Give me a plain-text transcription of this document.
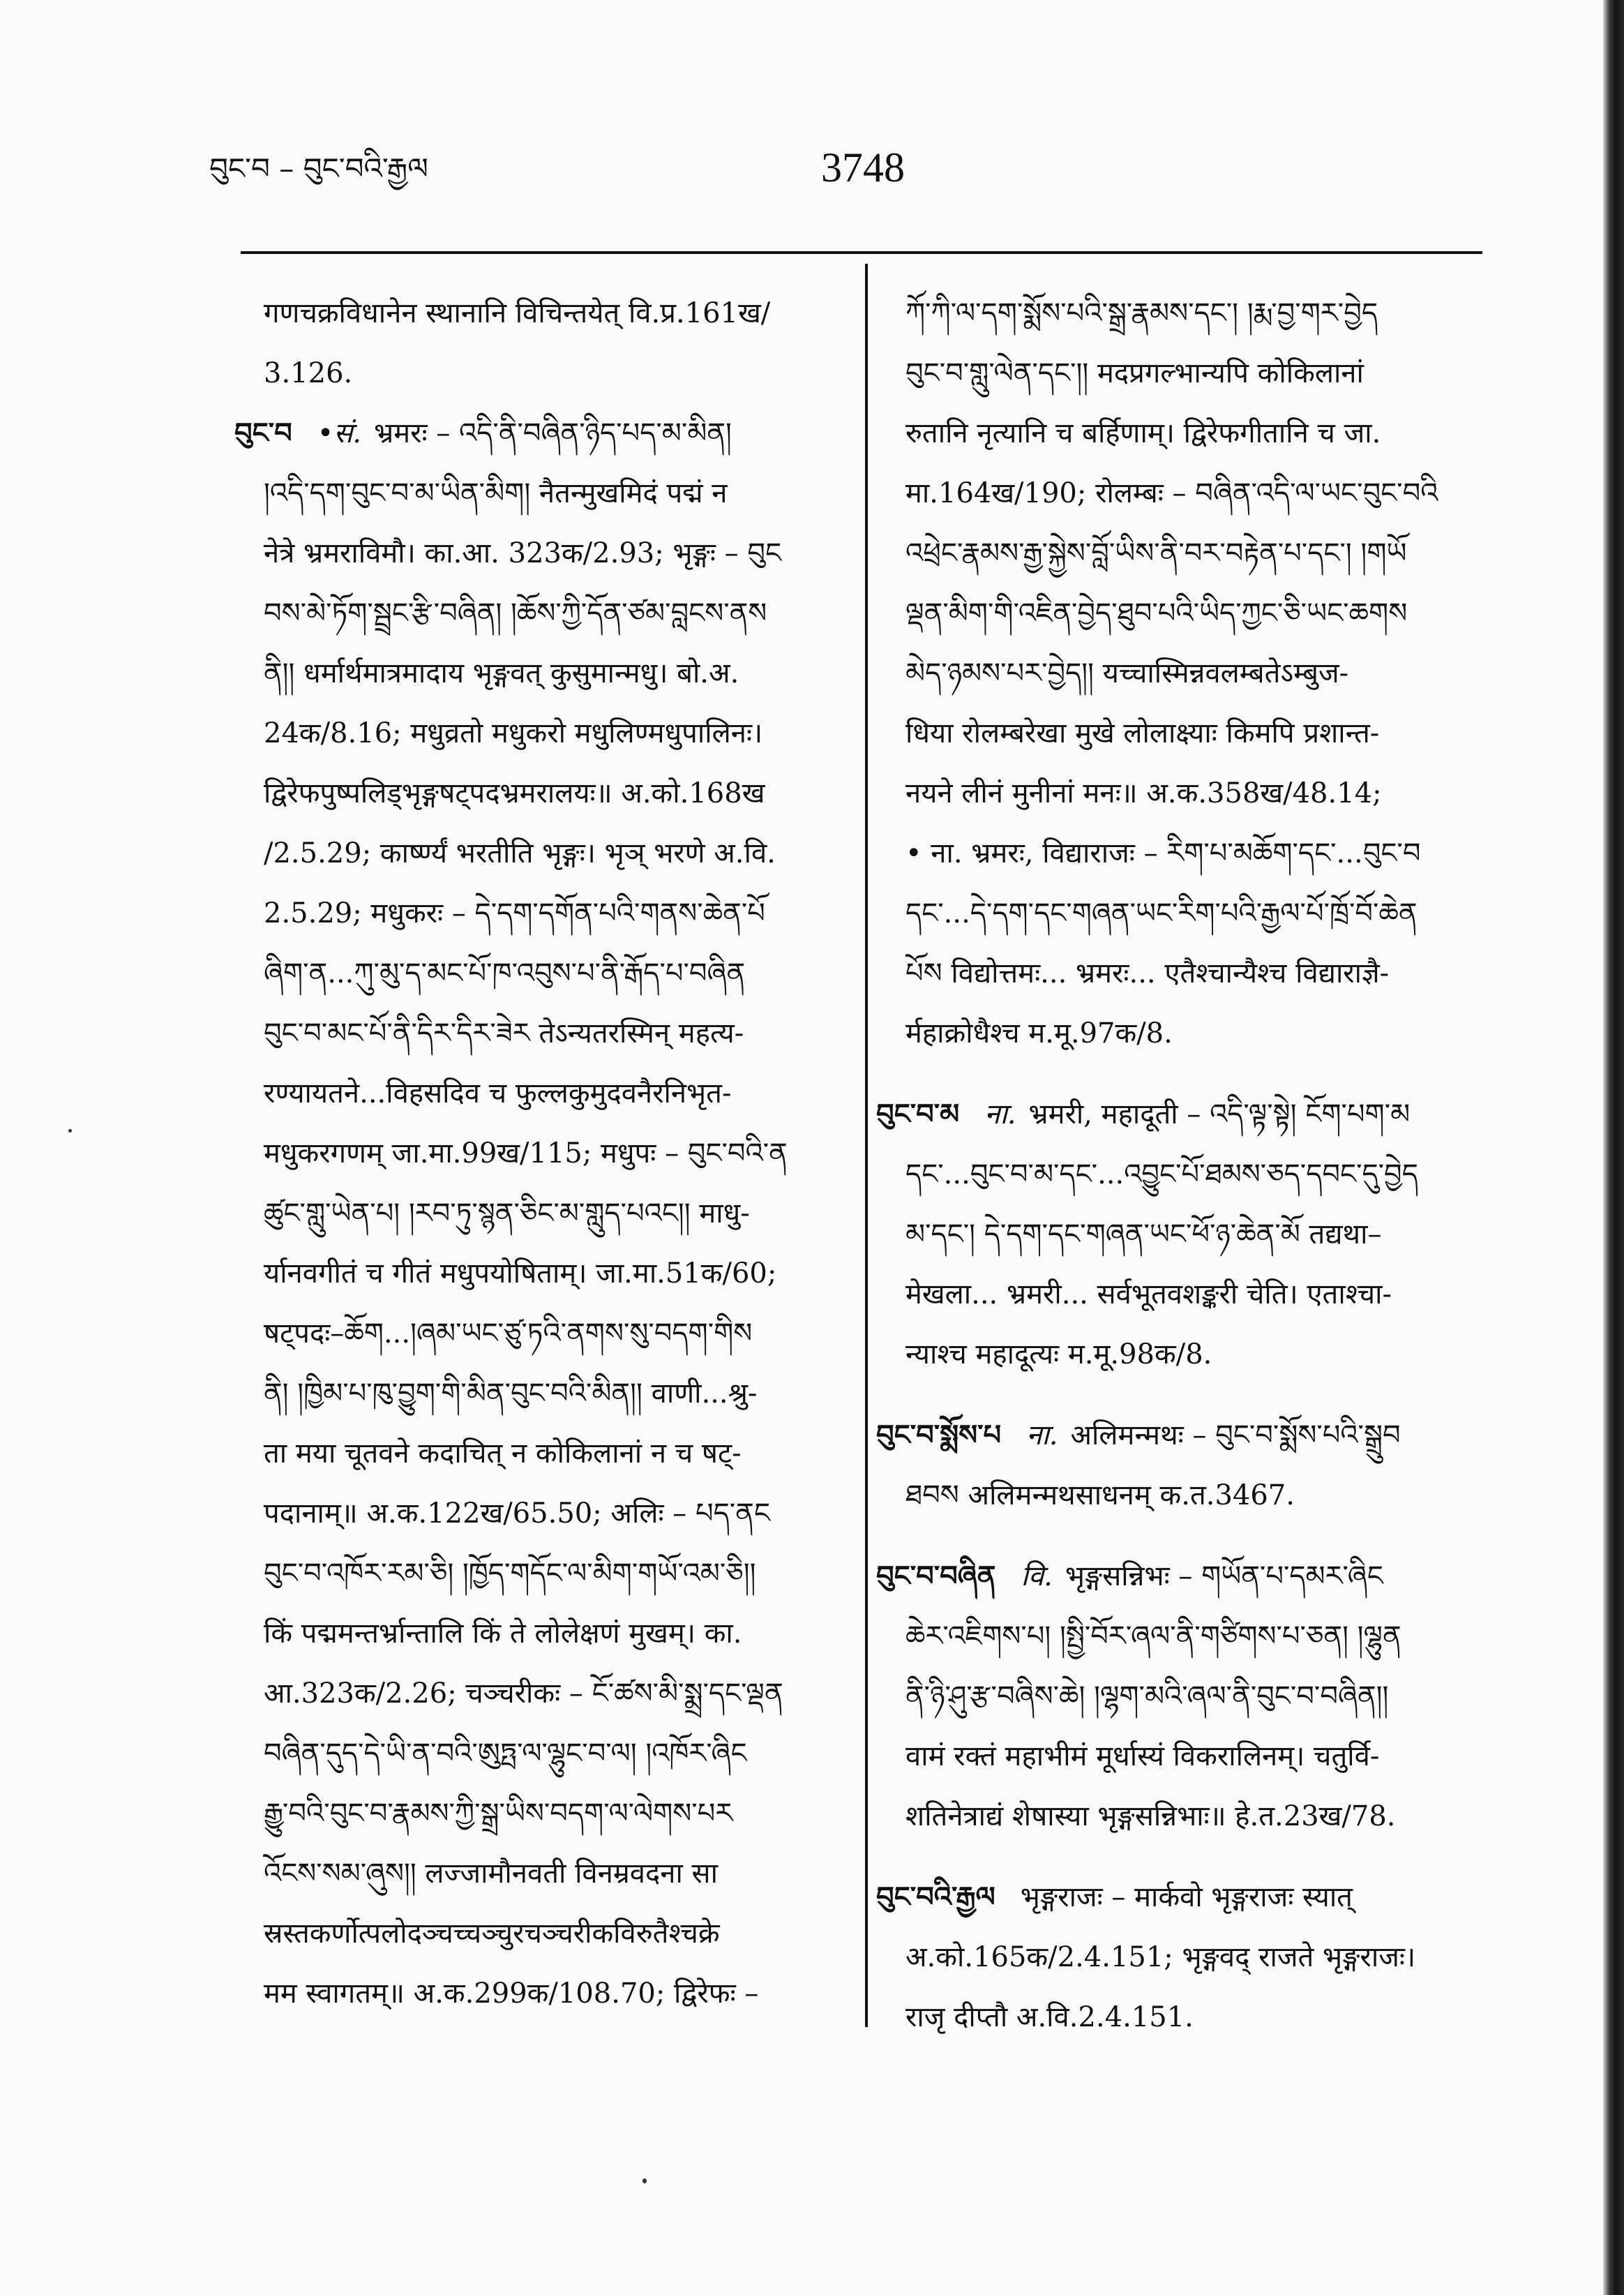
བུང་བ – བུང་བའི་རྒྱལ	3748
गणचक्रविधानेन स्थानानि विचिन्तयेत् वि.प्र.161ख/
3.126.
བུང་བ •सं. भ्रमरः – འདི་ནི་བཞིན་ཉིད་པད་མ་མིན།
།འདི་དག་བུང་བ་མ་ཡིན་མིག། नैतन्मुखमिदं पद्मं न
नेत्रे भ्रमराविमौ। का.आ. 323क/2.93; भृङ्गः – བུང
བས་མེ་ཏོག་སྦྲང་རྩི་བཞིན། །ཆོས་ཀྱི་དོན་ཙམ་བླངས་ནས
ནི།། धर्मार्थमात्रमादाय भृङ्गवत् कुसुमान्मधु। बो.अ.
24क/8.16; मधुव्रतो मधुकरो मधुलिण्मधुपालिनः।
द्विरेफपुष्पलिड्भृङ्गषट्पदभ्रमरालयः॥ अ.को.168ख
/2.5.29; कार्ष्ण्यं भरतीति भृङ्गः। भृञ् भरणे अ.वि.
2.5.29; मधुकरः – དེ་དག་དགོན་པའི་གནས་ཆེན་པོ
ཞིག་ན...ཀུ་མུ་ད་མང་པོ་ཁ་འབུས་པ་ནི་རྒོད་པ་བཞིན
བུང་བ་མང་པོ་ནི་དིར་དིར་ཟེར तेऽन्यतरस्मिन् महत्य-
रण्यायतने...विहसदिव च फुल्लकुमुदवनैरनिभृत-
मधुकरगणम् जा.मा.99ख/115; मधुपः – བུང་བའི་ན
ཚུང་གླུ་ཡེན་པ། །རབ་ཏུ་སྙན་ཅིང་མ་གླུད་པའང།། माधु-
र्यानवगीतं च गीतं मधुपयोषिताम्। जा.मा.51क/60;
षट्पदः–ཆོག...།ཞམ་ཡང་ཙུ་ཏའི་ནགས་སུ་བདག་གིས
ནི། །ཁྱིམ་པ་ཁུ་བྱུག་གི་མིན་བུང་བའི་མིན།། वाणी...श्रु-
ता मया चूतवने कदाचित् न कोकिलानां न च षट्-
पदानाम्॥ अ.क.122ख/65.50; अलिः – པད་ནང
བུང་བ་འཁོར་རམ་ཅི། །ཁྱོད་གདོང་ལ་མིག་གཡོ་འམ་ཅི།།
किं पद्ममन्तर्भ्रान्तालि किं ते लोलेक्षणं मुखम्। का.
आ.323क/2.26; चञ्चरीकः – ངོ་ཚས་མི་སྨྲ་དང་ལྡན
བཞིན་དུད་དེ་ཡི་ན་བའི་ཨུཏྤ་ལ་ལྷུང་བ་ལ། །འཁོར་ཞིང
རྒྱུ་བའི་བུང་བ་རྣམས་ཀྱི་སྒྲ་ཡིས་བདག་ལ་ལེགས་པར
འོངས་སམ་ཞུས།། लज्जामौनवती विनम्रवदना सा
स्रस्तकर्णोत्पलोदञ्चच्चञ्चुरचञ्चरीकविरुतैश्चक्रे
मम स्वागतम्॥ अ.क.299क/108.70; द्विरेफः –
ཀོ་ཀི་ལ་དག་སྨོས་པའི་སྒྲ་རྣམས་དང་། །རྨ་བྱ་གར་བྱེད
བུང་བ་གླུ་ལེན་དང་།། मदप्रगल्भान्यपि कोकिलानां
रुतानि नृत्यानि च बर्हिणाम्। द्विरेफगीतानि च जा.
मा.164ख/190; रोलम्बः – བཞིན་འདི་ལ་ཡང་བུང་བའི
འཕྲེང་རྣམས་རྒྱ་སྐྱེས་བློ་ཡིས་ནི་བར་བརྟེན་པ་དང་། །གཡོ
ལྡན་མིག་གི་འཇིན་བྱེད་ཐུབ་པའི་ཡིད་ཀྱང་ཅི་ཡང་ཆགས
མེད་ཉམས་པར་བྱེད།། यच्चास्मिन्नवलम्बतेऽम्बुज-
धिया रोलम्बरेखा मुखे लोलाक्ष्याः किमपि प्रशान्त-
नयने लीनं मुनीनां मनः॥ अ.क.358ख/48.14;
• ना. भ्रमरः, विद्याराजः – རིག་པ་མཆོག་དང་...བུང་བ
དང་...དེ་དག་དང་གཞན་ཡང་རིག་པའི་རྒྱལ་པོ་ཁྲོ་བོ་ཆེན
པོས विद्योत्तमः... भ्रमरः... एतैश्चान्यैश्च विद्याराज्ञै-
र्महाक्रोधैश्च म.मू.97क/8.
བུང་བ་མ ना. भ्रमरी, महादूती – འདི་ལྟ་སྟེ། ངོག་པག་མ
དང་...བུང་བ་མ་དང་...འབྱུང་པོ་ཐམས་ཅད་དབང་དུ་བྱེད
མ་དང་། དེ་དག་དང་གཞན་ཡང་ཕོ་ཉ་ཆེན་མོ तद्यथा–
मेखला... भ्रमरी... सर्वभूतवशङ्करी चेति। एताश्चा-
न्याश्च महादूत्यः म.मू.98क/8.
བུང་བ་སྨོས་པ ना. अलिमन्मथः – བུང་བ་སྨོས་པའི་སྒྲུབ
ཐབས अलिमन्मथसाधनम् क.त.3467.
བུང་བ་བཞིན वि. भृङ्गसन्निभः – གཡོན་པ་དམར་ཞིང
ཆེར་འཇིགས་པ། །སྤྱི་བོར་ཞལ་ནི་གཙིགས་པ་ཅན། །ལྷུན
ནི་ཉི་ཤུ་རྩ་བཞིས་ཆེ། །ལྷག་མའི་ཞལ་ནི་བུང་བ་བཞིན།།
वामं रक्तं महाभीमं मूर्धास्यं विकरालिनम्। चतुर्वि-
शतिनेत्राद्यं शेषास्या भृङ्गसन्निभाः॥ हे.त.23ख/78.
བུང་བའི་རྒྱལ भृङ्गराजः – मार्कवो भृङ्गराजः स्यात्
अ.को.165क/2.4.151; भृङ्गवद् राजते भृङ्गराजः।
राजृ दीप्तौ अ.वि.2.4.151.
